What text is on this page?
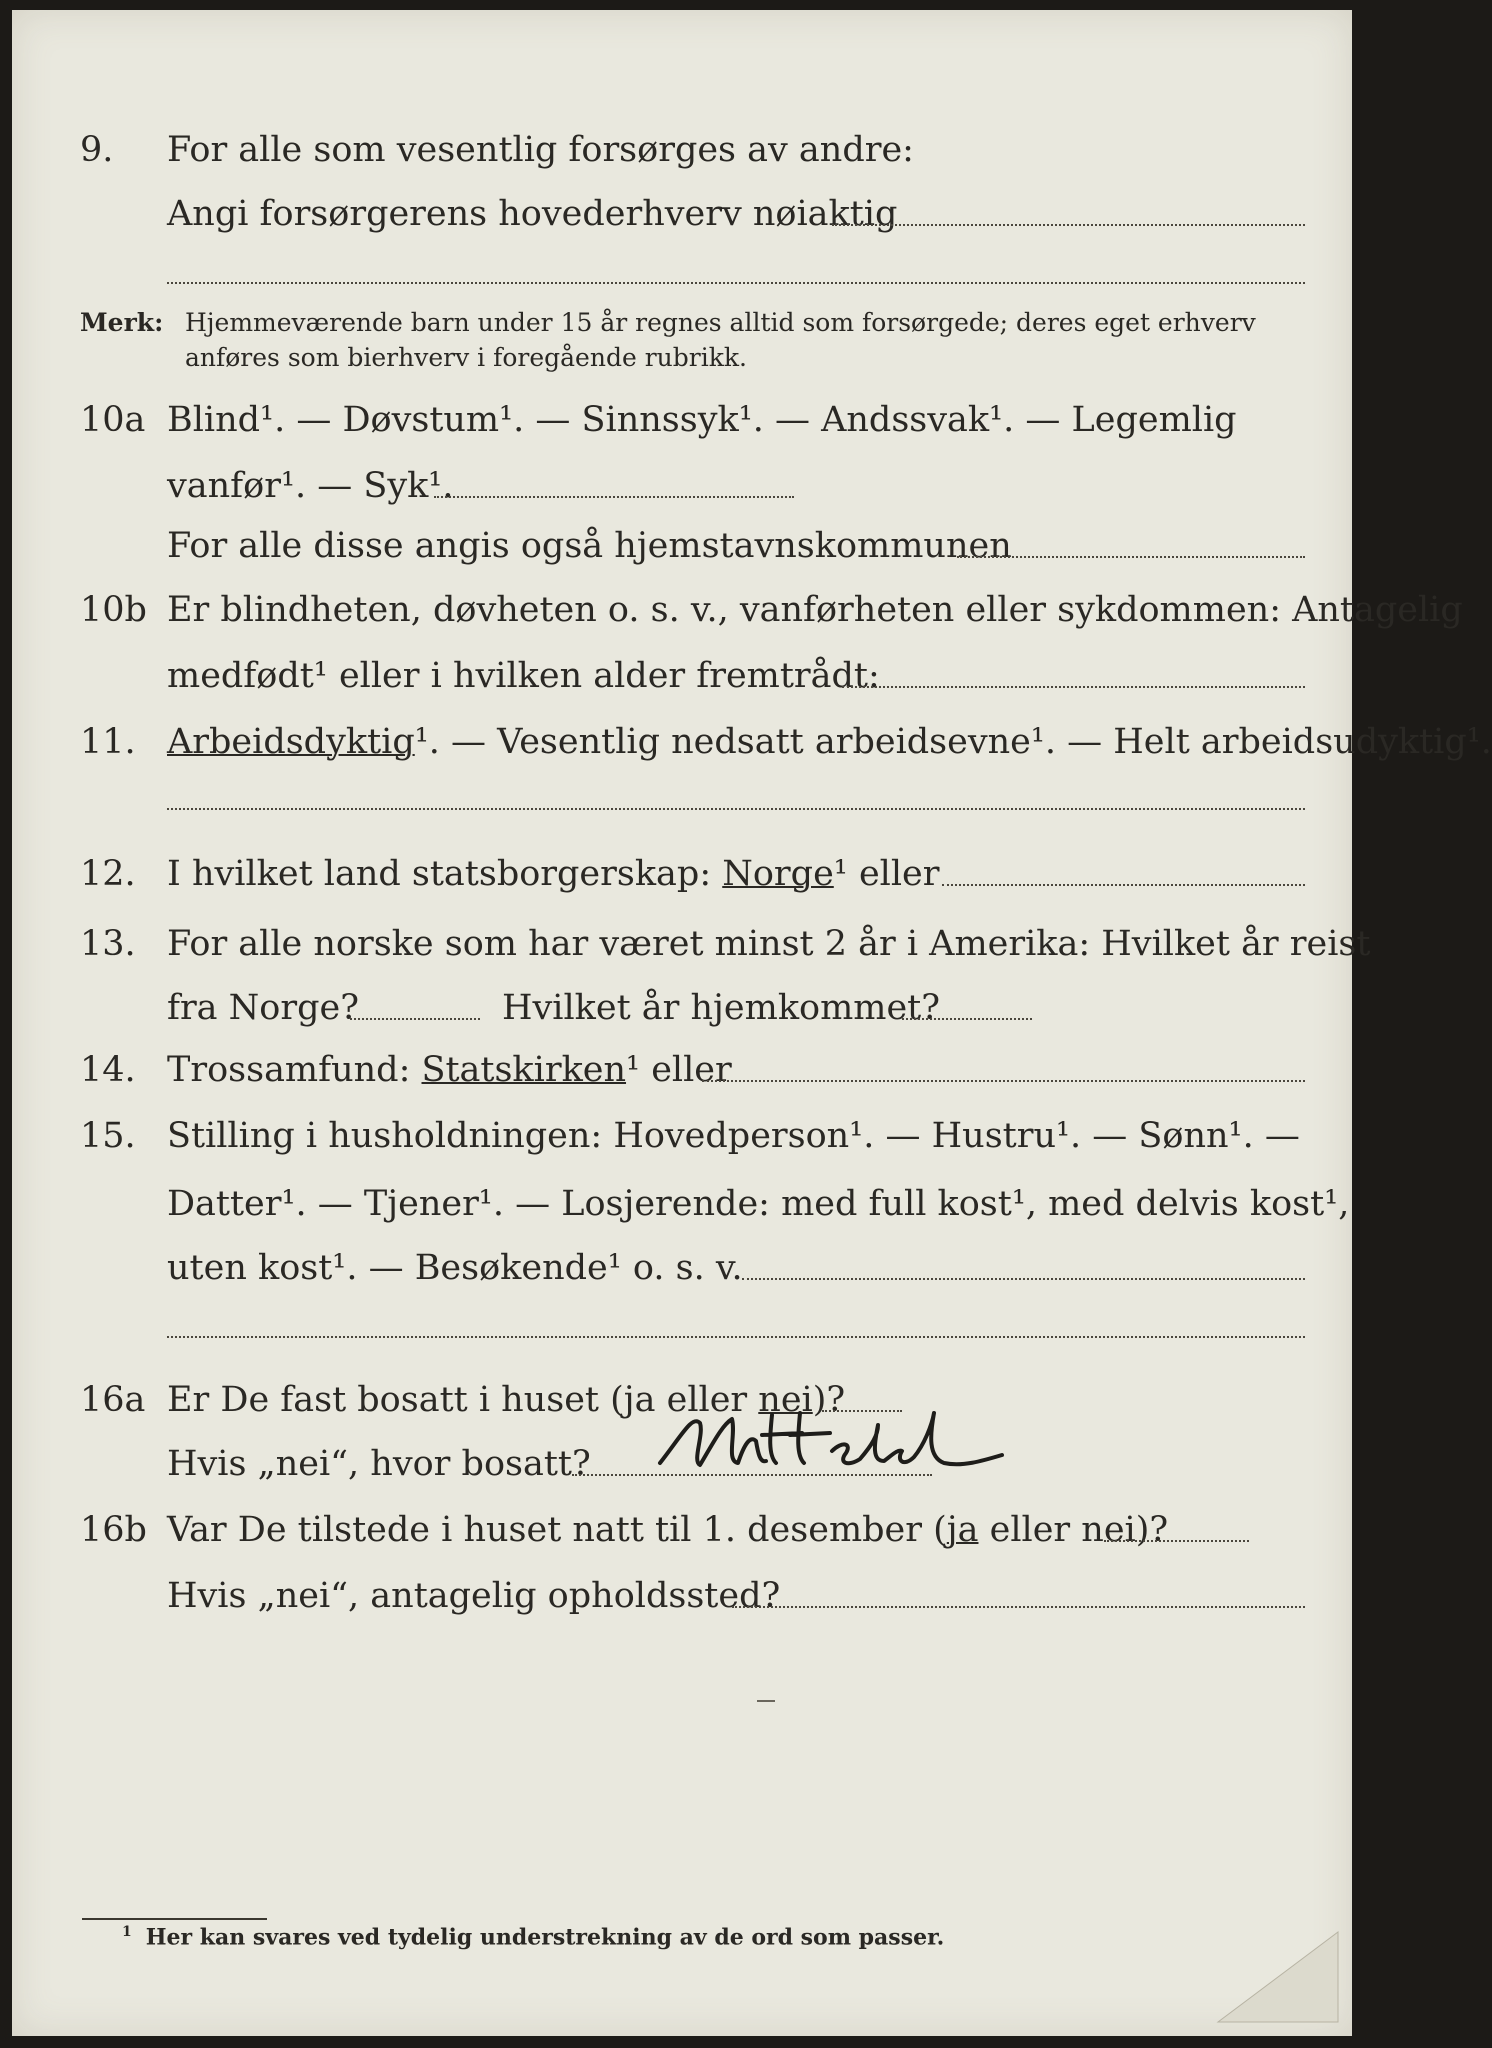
9. For alle som vesentlig forsørges av andre:
Angi forsørgerens hovederhverv nøiaktig
Merk: Hjemmeværende barn under 15 år regnes alltid som forsørgede; deres eget erhverv
anføres som bierhverv i foregående rubrikk.
10a Blind¹. — Døvstum¹. — Sinnssyk¹. — Andssvak¹. — Legemlig
vanfør¹. — Syk¹.
For alle disse angis også hjemstavnskommunen
10b Er blindheten, døvheten o. s. v., vanførheten eller sykdommen: Antagelig
medfødt¹ eller i hvilken alder fremtrådt:
11. Arbeidsdyktig¹. — Vesentlig nedsatt arbeidsevne¹. — Helt arbeidsudyktig¹.
12. I hvilket land statsborgerskap: Norge¹ eller
13. For alle norske som har været minst 2 år i Amerika: Hvilket år reist
fra Norge?	Hvilket år hjemkommet?
14. Trossamfund: Statskirken¹ eller
15. Stilling i husholdningen: Hovedperson¹. — Hustru¹. — Sønn¹. —
Datter¹. — Tjener¹. — Losjerende: med full kost¹, med delvis kost¹,
uten kost¹. — Besøkende¹ o. s. v.
16a Er De fast bosatt i huset (ja eller nei)?
Hvis „nei“, hvor bosatt?
16b Var De tilstede i huset natt til 1. desember (ja eller nei)?
Hvis „nei“, antagelig opholdssted?
$^1$ Her kan svares ved tydelig understrekning av de ord som passer.
